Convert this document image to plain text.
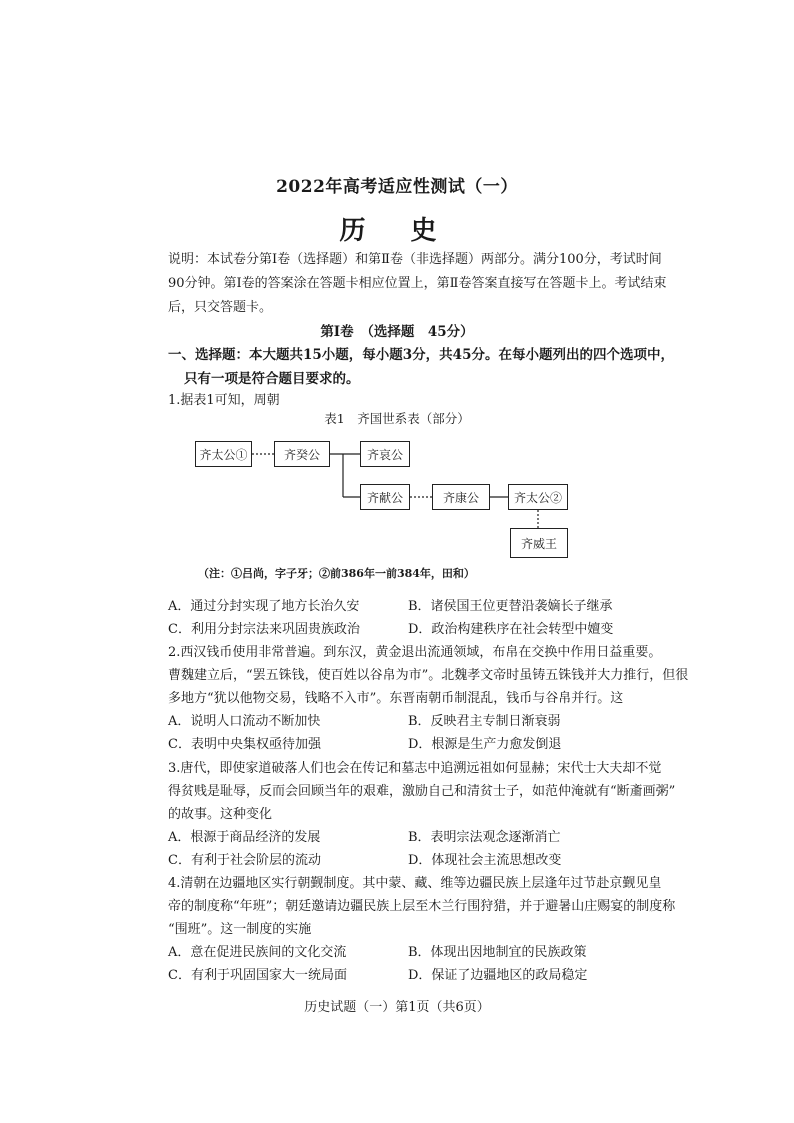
2022年高考适应性测试（一）
历 史
说明：本试卷分第Ⅰ卷（选择题）和第Ⅱ卷（非选择题）两部分。满分100分，考试时间
90分钟。第Ⅰ卷的答案涂在答题卡相应位置上，第Ⅱ卷答案直接写在答题卡上。考试结束
后，只交答题卡。
第Ⅰ卷　（选择题　45分）
一、选择题：本大题共15小题，每小题3分，共45分。在每小题列出的四个选项中，
只有一项是符合题目要求的。
1.据表1可知，周朝
表1　齐国世系表（部分）
齐太公①	齐癸公	齐哀公
齐献公	齐康公	齐太公②
齐威王
（注：①吕尚，字子牙；②前386年一前384年，田和）
A．通过分封实现了地方长治久安	B．诸侯国王位更替沿袭嫡长子继承
C．利用分封宗法来巩固贵族政治	D．政治构建秩序在社会转型中嬗变
2.西汉钱币使用非常普遍。到东汉，黄金退出流通领域，布帛在交换中作用日益重要。
曹魏建立后，“罢五铢钱，使百姓以谷帛为市”。北魏孝文帝时虽铸五铢钱并大力推行，但很
多地方“犹以他物交易，钱略不入市”。东晋南朝币制混乱，钱币与谷帛并行。这
A．说明人口流动不断加快	B．反映君主专制日渐衰弱
C．表明中央集权亟待加强	D．根源是生产力愈发倒退
3.唐代，即使家道破落人们也会在传记和墓志中追溯远祖如何显赫；宋代士大夫却不觉
得贫贱是耻辱，反而会回顾当年的艰难，激励自己和清贫士子，如范仲淹就有“断齑画粥”
的故事。这种变化
A．根源于商品经济的发展	B．表明宗法观念逐渐消亡
C．有利于社会阶层的流动	D．体现社会主流思想改变
4.清朝在边疆地区实行朝觐制度。其中蒙、藏、维等边疆民族上层逢年过节赴京觐见皇
帝的制度称“年班”；朝廷邀请边疆民族上层至木兰行围狩猎，并于避暑山庄赐宴的制度称
“围班”。这一制度的实施
A．意在促进民族间的文化交流	B．体现出因地制宜的民族政策
C．有利于巩固国家大一统局面	D．保证了边疆地区的政局稳定
历史试题（一）第1页（共6页）
